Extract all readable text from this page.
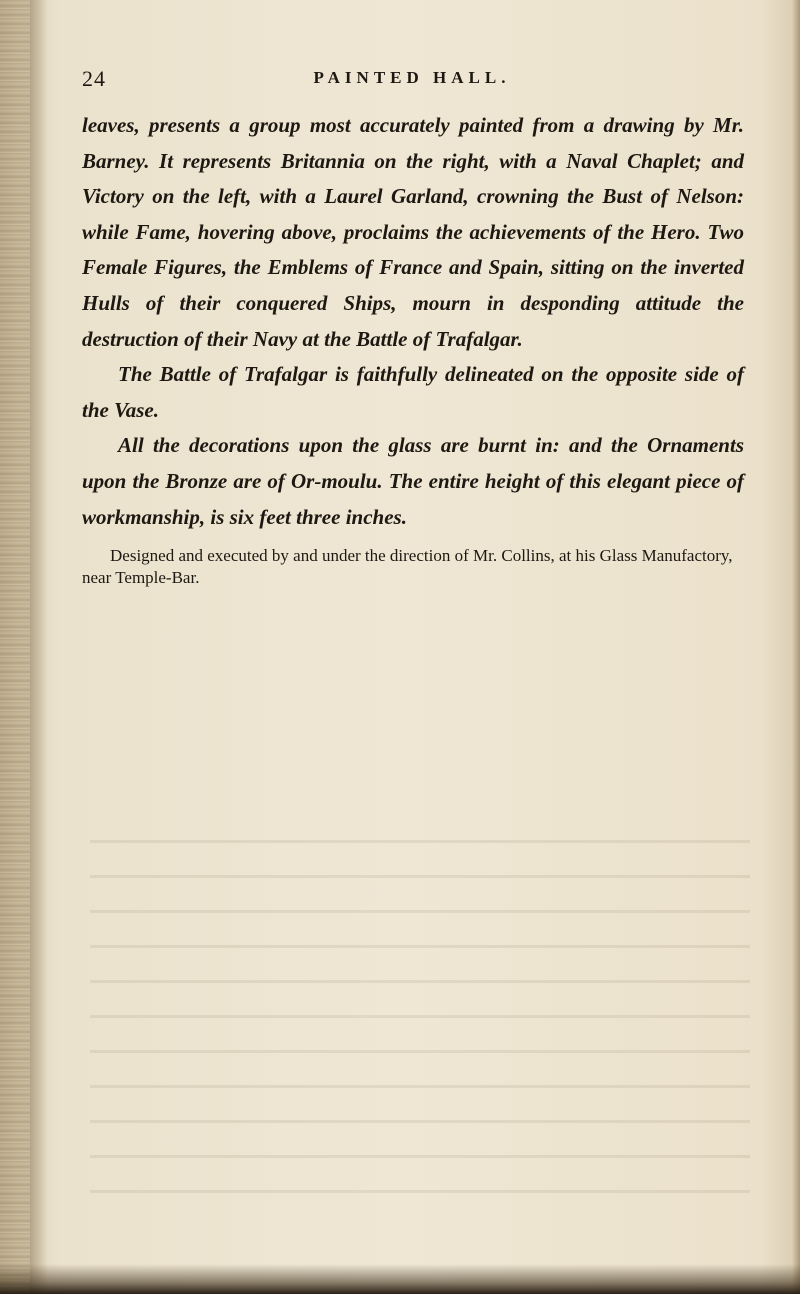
24	PAINTED HALL.

leaves, presents a group most accurately painted from a drawing by Mr. Barney. It represents Britannia on the right, with a Naval Chaplet; and Victory on the left, with a Laurel Garland, crowning the Bust of Nelson: while Fame, hovering above, proclaims the achievements of the Hero. Two Female Figures, the Emblems of France and Spain, sitting on the inverted Hulls of their conquered Ships, mourn in desponding attitude the destruction of their Navy at the Battle of Trafalgar.

The Battle of Trafalgar is faithfully delineated on the opposite side of the Vase.

All the decorations upon the glass are burnt in: and the Ornaments upon the Bronze are of Or-moulu. The entire height of this elegant piece of workmanship, is six feet three inches.

Designed and executed by and under the direction of Mr. Collins, at his Glass Manufactory, near Temple-Bar.
